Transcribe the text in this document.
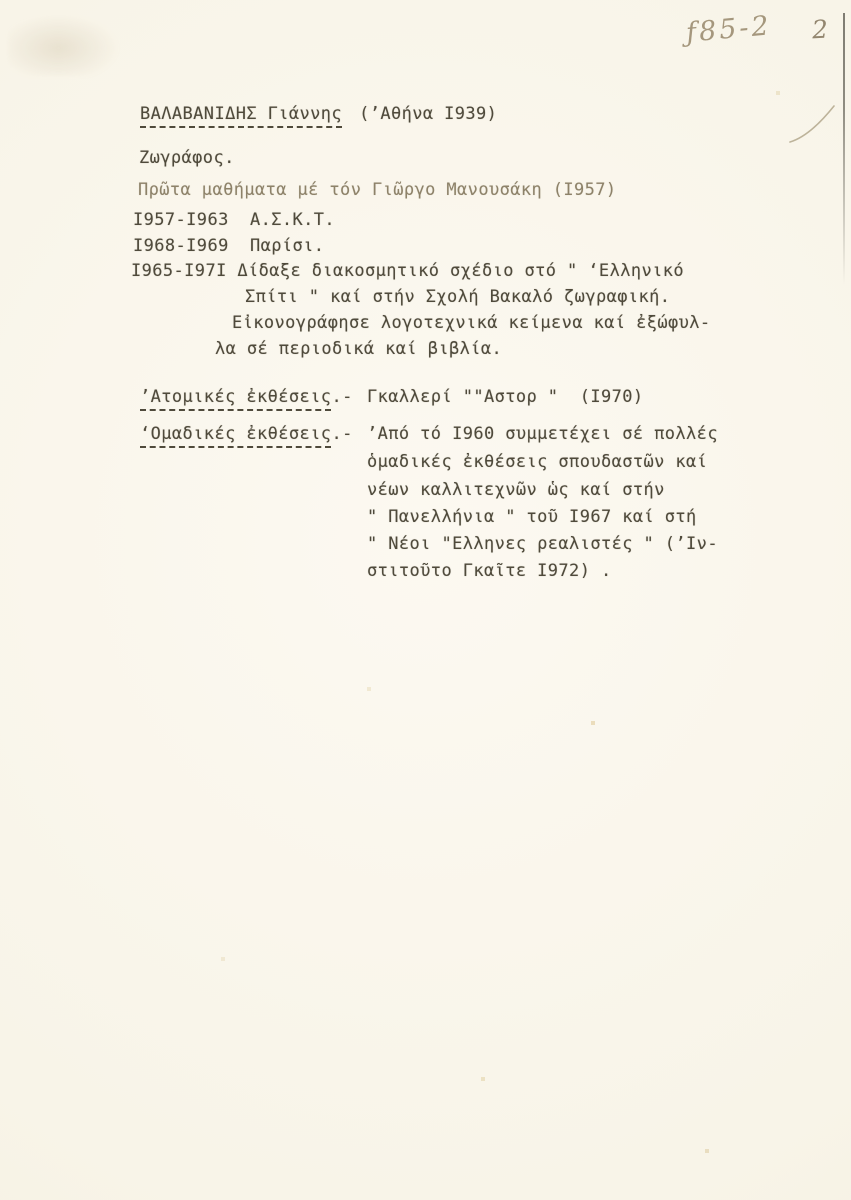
ƒ85-2 2
ΒΑΛΑΒΑΝΙΔΗΣ Γιάννης (’Αθήνα Ι939)
Ζωγράφος.
Πρῶτα μαθήματα μέ τόν Γιῶργο Μανουσάκη (Ι957)
Ι957-Ι963  Α.Σ.Κ.Τ.
Ι968-Ι969  Παρίσι.
Ι965-Ι97Ι Δίδαξε διακοσμητικό σχέδιο στό " ‘Ελληνικό
Σπίτι " καί στήν Σχολή Βακαλό ζωγραφική.
Εἰκονογράφησε λογοτεχνικά κείμενα καί ἐξώφυλ-
λα σέ περιοδικά καί βιβλία.
’Ατομικές ἐκθέσεις.- Γκαλλερί ""Αστορ "  (Ι970)
‘Ομαδικές ἐκθέσεις.- ’Από τό Ι960 συμμετέχει σέ πολλές
ὁμαδικές ἐκθέσεις σπουδαστῶν καί
νέων καλλιτεχνῶν ὡς καί στήν
" Πανελλήνια " τοῦ Ι967 καί στή
" Νέοι "Ελληνες ρεαλιστές " (’Ιν-
στιτοῦτο Γκαῖτε Ι972) .
